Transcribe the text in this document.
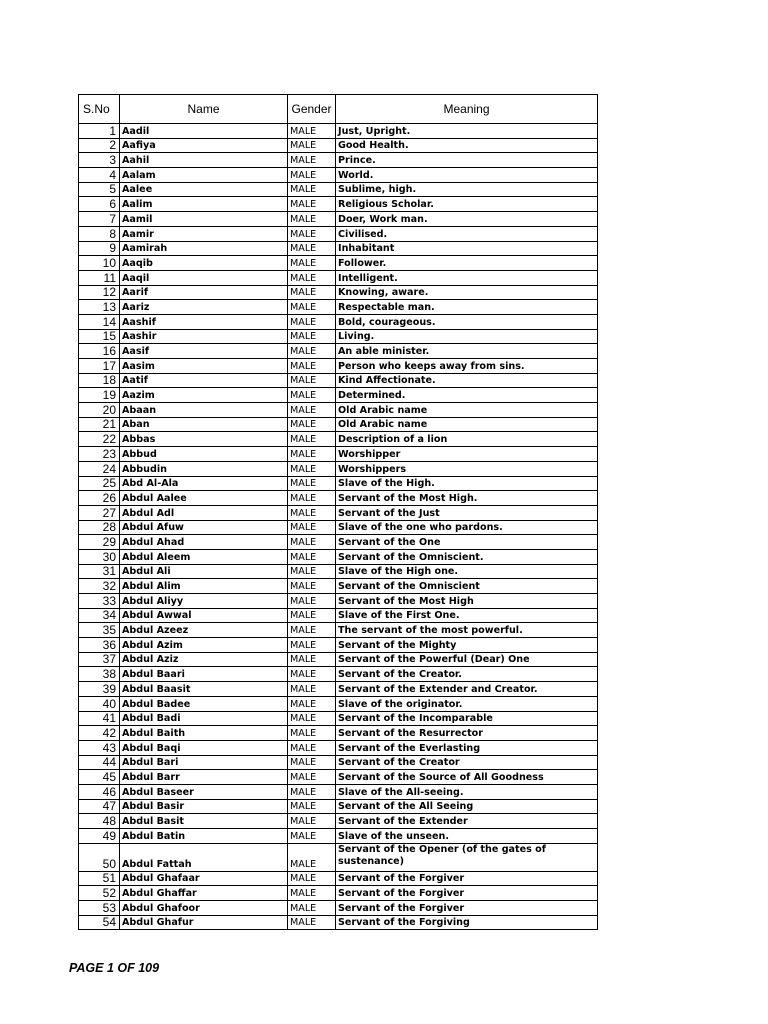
S.No	Name	Gender	Meaning
1	Aadil	MALE	Just, Upright.
2	Aafiya	MALE	Good Health.
3	Aahil	MALE	Prince.
4	Aalam	MALE	World.
5	Aalee	MALE	Sublime, high.
6	Aalim	MALE	Religious Scholar.
7	Aamil	MALE	Doer, Work man.
8	Aamir	MALE	Civilised.
9	Aamirah	MALE	Inhabitant
10	Aaqib	MALE	Follower.
11	Aaqil	MALE	Intelligent.
12	Aarif	MALE	Knowing, aware.
13	Aariz	MALE	Respectable man.
14	Aashif	MALE	Bold, courageous.
15	Aashir	MALE	Living.
16	Aasif	MALE	An able minister.
17	Aasim	MALE	Person who keeps away from sins.
18	Aatif	MALE	Kind Affectionate.
19	Aazim	MALE	Determined.
20	Abaan	MALE	Old Arabic name
21	Aban	MALE	Old Arabic name
22	Abbas	MALE	Description of a lion
23	Abbud	MALE	Worshipper
24	Abbudin	MALE	Worshippers
25	Abd Al-Ala	MALE	Slave of the High.
26	Abdul Aalee	MALE	Servant of the Most High.
27	Abdul Adl	MALE	Servant of the Just
28	Abdul Afuw	MALE	Slave of the one who pardons.
29	Abdul Ahad	MALE	Servant of the One
30	Abdul Aleem	MALE	Servant of the Omniscient.
31	Abdul Ali	MALE	Slave of the High one.
32	Abdul Alim	MALE	Servant of the Omniscient
33	Abdul Aliyy	MALE	Servant of the Most High
34	Abdul Awwal	MALE	Slave of the First One.
35	Abdul Azeez	MALE	The servant of the most powerful.
36	Abdul Azim	MALE	Servant of the Mighty
37	Abdul Aziz	MALE	Servant of the Powerful (Dear) One
38	Abdul Baari	MALE	Servant of the Creator.
39	Abdul Baasit	MALE	Servant of the Extender and Creator.
40	Abdul Badee	MALE	Slave of the originator.
41	Abdul Badi	MALE	Servant of the Incomparable
42	Abdul Baith	MALE	Servant of the Resurrector
43	Abdul Baqi	MALE	Servant of the Everlasting
44	Abdul Bari	MALE	Servant of the Creator
45	Abdul Barr	MALE	Servant of the Source of All Goodness
46	Abdul Baseer	MALE	Slave of the All-seeing.
47	Abdul Basir	MALE	Servant of the All Seeing
48	Abdul Basit	MALE	Servant of the Extender
49	Abdul Batin	MALE	Slave of the unseen.
50	Abdul Fattah	MALE	Servant of the Opener (of the gates of sustenance)
51	Abdul Ghafaar	MALE	Servant of the Forgiver
52	Abdul Ghaffar	MALE	Servant of the Forgiver
53	Abdul Ghafoor	MALE	Servant of the Forgiver
54	Abdul Ghafur	MALE	Servant of the Forgiving
PAGE 1 OF 109
